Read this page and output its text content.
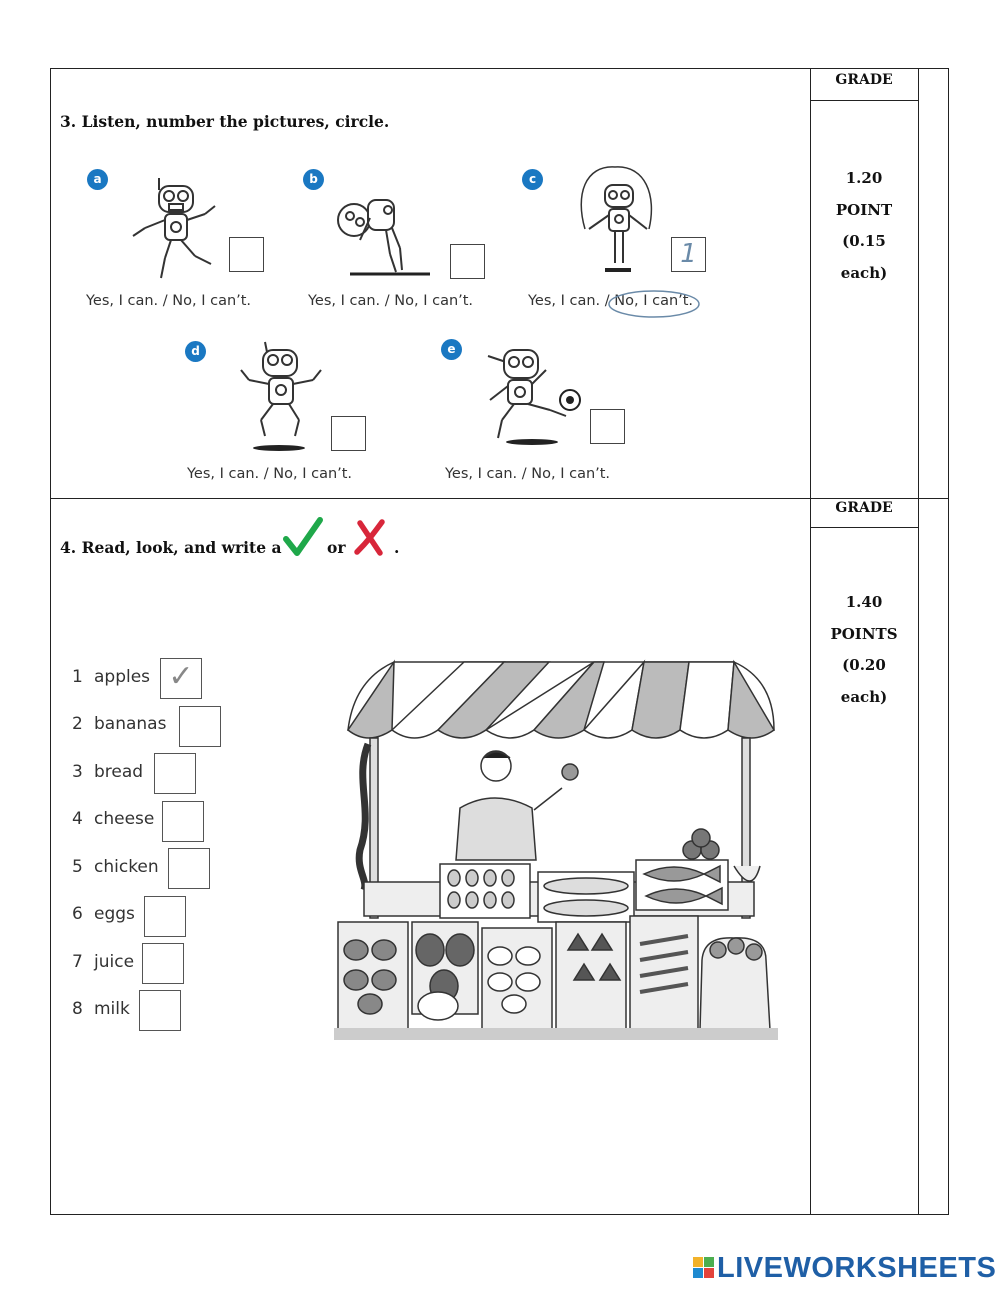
3. Listen, number the pictures, circle.
GRADE
1.20
POINT
(0.15
each)
a
Yes, I can. / No, I can’t.
b
Yes, I can. / No, I can’t.
c
1
Yes, I can. / No, I can’t.
d
Yes, I can. / No, I can’t.
e
Yes, I can. / No, I can’t.
4. Read, look, and write a	or	.
GRADE
1.40
POINTS
(0.20
each)
1 apples ✓
2 bananas
3 bread
4 cheese
5 chicken
6 eggs
7 juice
8 milk
LIVEWORKSHEETS
